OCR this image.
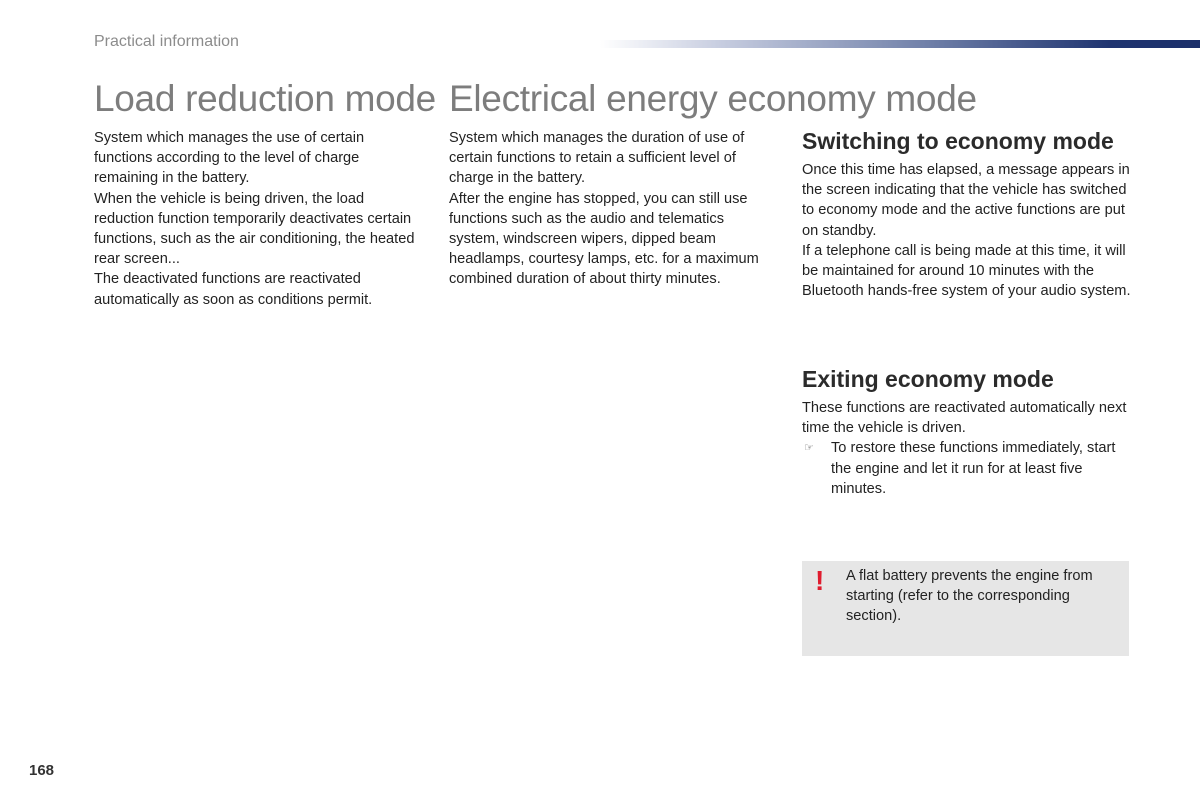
Practical information
Load reduction mode Electrical energy economy mode

System which manages the use of certain functions according to the level of charge remaining in the battery.

When the vehicle is being driven, the load reduction function temporarily deactivates certain functions, such as the air conditioning, the heated rear screen...

The deactivated functions are reactivated automatically as soon as conditions permit.

System which manages the duration of use of certain functions to retain a sufficient level of charge in the battery.

After the engine has stopped, you can still use functions such as the audio and telematics system, windscreen wipers, dipped beam headlamps, courtesy lamps, etc. for a maximum combined duration of about thirty minutes.

Switching to economy mode

Once this time has elapsed, a message appears in the screen indicating that the vehicle has switched to economy mode and the active functions are put on standby.

If a telephone call is being made at this time, it will be maintained for around 10 minutes with the Bluetooth hands-free system of your audio system.

Exiting economy mode

These functions are reactivated automatically next time the vehicle is driven.

☞	To restore these functions immediately, start the engine and let it run for at least five minutes.
! A flat battery prevents the engine from starting (refer to the corresponding section).
168
